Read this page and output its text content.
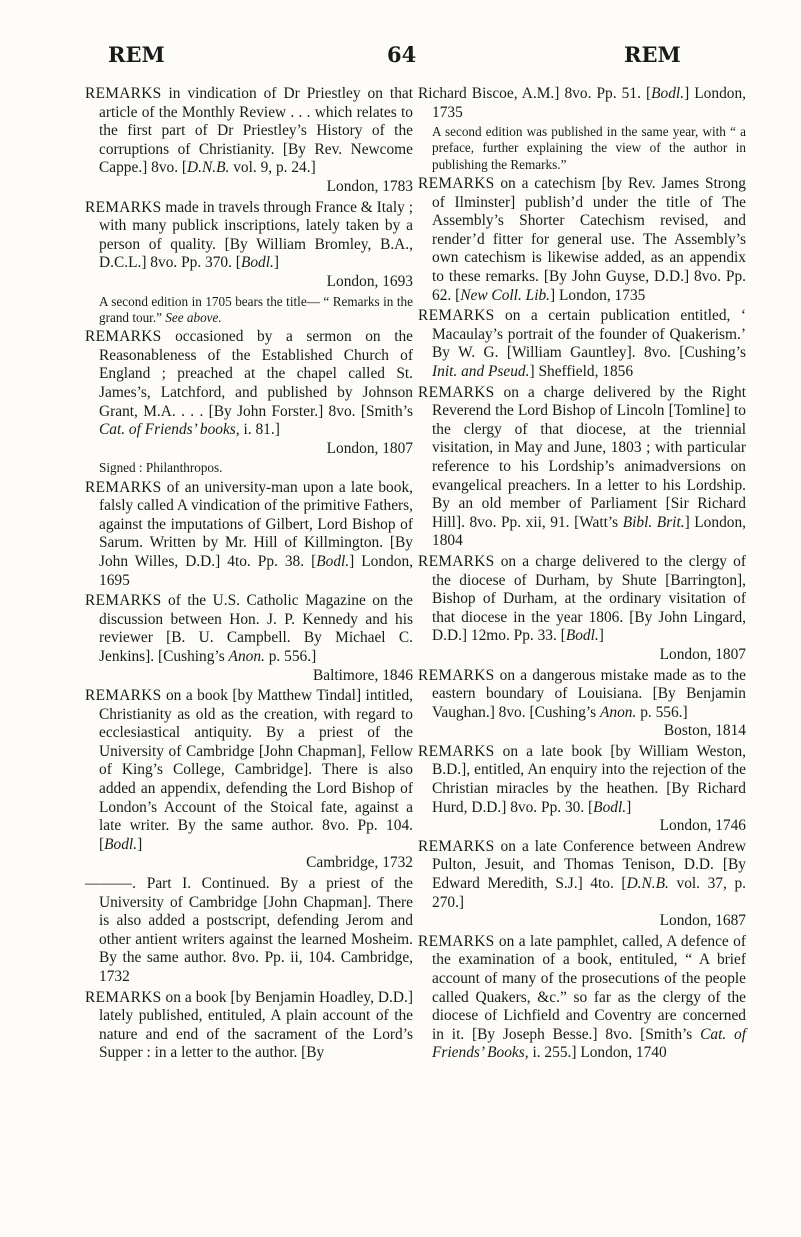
REM	64	REM

REMARKS in vindication of Dr Priestley on that article of the Monthly Review . . . which relates to the first part of Dr Priestley’s History of the corruptions of Christianity. [By Rev. Newcome Cappe.] 8vo. [D.N.B. vol. 9, p. 24.]
London, 1783

REMARKS made in travels through France & Italy ; with many publick inscriptions, lately taken by a person of quality. [By William Bromley, B.A., D.C.L.] 8vo. Pp. 370. [Bodl.]
London, 1693

A second edition in 1705 bears the title— “ Remarks in the grand tour.” See above.

REMARKS occasioned by a sermon on the Reasonableness of the Established Church of England ; preached at the chapel called St. James’s, Latchford, and published by Johnson Grant, M.A. . . . [By John Forster.] 8vo. [Smith’s Cat. of Friends’ books, i. 81.]
London, 1807

Signed : Philanthropos.

REMARKS of an university-man upon a late book, falsly called A vindication of the primitive Fathers, against the imputations of Gilbert, Lord Bishop of Sarum. Written by Mr. Hill of Killmington. [By John Willes, D.D.] 4to. Pp. 38. [Bodl.] London, 1695

REMARKS of the U.S. Catholic Magazine on the discussion between Hon. J. P. Kennedy and his reviewer [B. U. Campbell. By Michael C. Jenkins]. [Cushing’s Anon. p. 556.]
Baltimore, 1846

REMARKS on a book [by Matthew Tindal] intitled, Christianity as old as the creation, with regard to ecclesiastical antiquity. By a priest of the University of Cambridge [John Chapman], Fellow of King’s College, Cambridge]. There is also added an appendix, defending the Lord Bishop of London’s Account of the Stoical fate, against a late writer. By the same author. 8vo. Pp. 104. [Bodl.]
Cambridge, 1732

———. Part I. Continued. By a priest of the University of Cambridge [John Chapman]. There is also added a postscript, defending Jerom and other antient writers against the learned Mosheim. By the same author. 8vo. Pp. ii, 104. Cambridge, 1732

REMARKS on a book [by Benjamin Hoadley, D.D.] lately published, entituled, A plain account of the nature and end of the sacrament of the Lord’s Supper : in a letter to the author. [By

Richard Biscoe, A.M.] 8vo. Pp. 51. [Bodl.] London, 1735

A second edition was published in the same year, with “ a preface, further explaining the view of the author in publishing the Remarks.”

REMARKS on a catechism [by Rev. James Strong of Ilminster] publish’d under the title of The Assembly’s Shorter Catechism revised, and render’d fitter for general use. The Assembly’s own catechism is likewise added, as an appendix to these remarks. [By John Guyse, D.D.] 8vo. Pp. 62. [New Coll. Lib.] London, 1735

REMARKS on a certain publication entitled, ‘ Macaulay’s portrait of the founder of Quakerism.’ By W. G. [William Gauntley]. 8vo. [Cushing’s Init. and Pseud.] Sheffield, 1856

REMARKS on a charge delivered by the Right Reverend the Lord Bishop of Lincoln [Tomline] to the clergy of that diocese, at the triennial visitation, in May and June, 1803 ; with particular reference to his Lordship’s animadversions on evangelical preachers. In a letter to his Lordship. By an old member of Parliament [Sir Richard Hill]. 8vo. Pp. xii, 91. [Watt’s Bibl. Brit.] London, 1804

REMARKS on a charge delivered to the clergy of the diocese of Durham, by Shute [Barrington], Bishop of Durham, at the ordinary visitation of that diocese in the year 1806. [By John Lingard, D.D.] 12mo. Pp. 33. [Bodl.]
London, 1807

REMARKS on a dangerous mistake made as to the eastern boundary of Louisiana. [By Benjamin Vaughan.] 8vo. [Cushing’s Anon. p. 556.]
Boston, 1814

REMARKS on a late book [by William Weston, B.D.], entitled, An enquiry into the rejection of the Christian miracles by the heathen. [By Richard Hurd, D.D.] 8vo. Pp. 30. [Bodl.]
London, 1746

REMARKS on a late Conference between Andrew Pulton, Jesuit, and Thomas Tenison, D.D. [By Edward Meredith, S.J.] 4to. [D.N.B. vol. 37, p. 270.]
London, 1687

REMARKS on a late pamphlet, called, A defence of the examination of a book, entituled, “ A brief account of many of the prosecutions of the people called Quakers, &c.” so far as the clergy of the diocese of Lichfield and Coventry are concerned in it. [By Joseph Besse.] 8vo. [Smith’s Cat. of Friends’ Books, i. 255.] London, 1740
